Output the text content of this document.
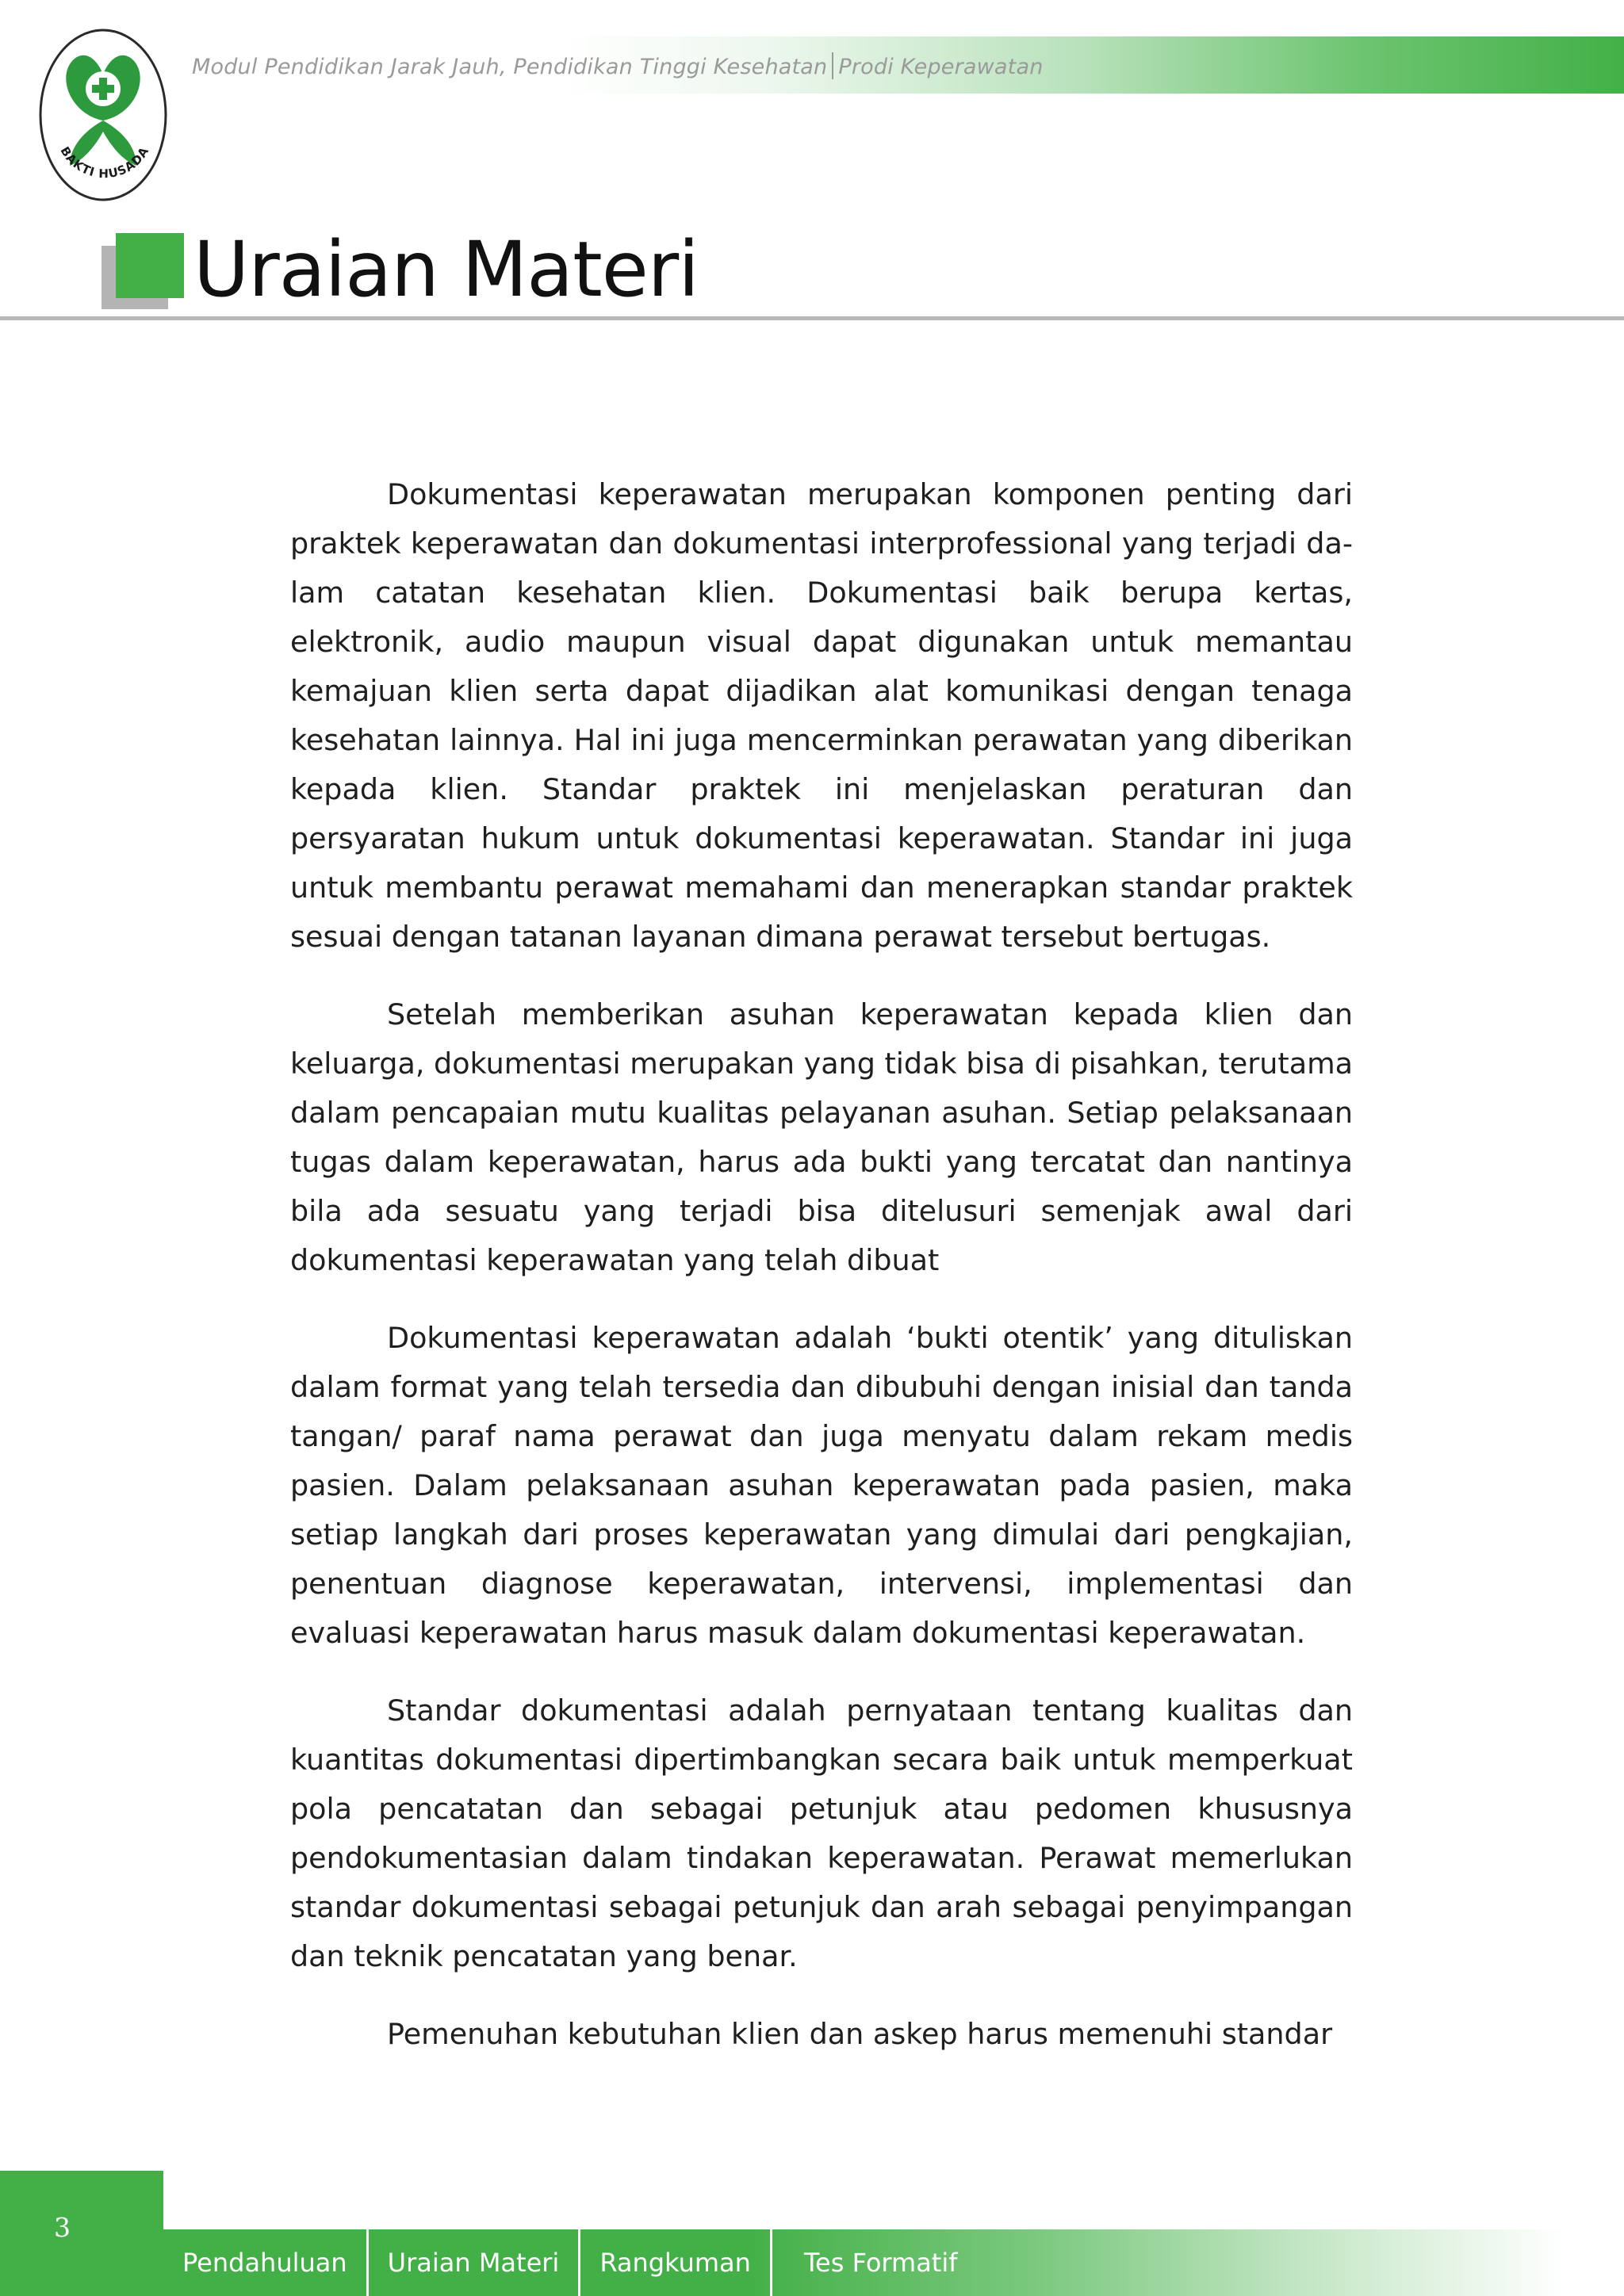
BAKTI HUSADA
Modul Pendidikan Jarak Jauh, Pendidikan Tinggi Kesehatan Prodi Keperawatan
Uraian Materi

Dokumentasi keperawatan merupakan komponen penting dari praktek keperawatan dan dokumentasi interprofessional yang terjadi dalam catatan kesehatan klien. Dokumentasi baik berupa kertas, elektronik, audio maupun visual dapat digunakan untuk memantau kemajuan klien serta dapat dijadikan alat komunikasi dengan tenaga kesehatan lainnya. Hal ini juga mencerminkan perawatan yang diberikan kepada klien. Standar praktek ini menjelaskan peraturan dan persyaratan hukum untuk dokumentasi keperawatan. Standar ini juga untuk membantu perawat memahami dan menerapkan standar praktek sesuai dengan tatanan layanan dimana perawat tersebut bertugas.

Setelah memberikan asuhan keperawatan kepada klien dan keluarga, dokumentasi merupakan yang tidak bisa di pisahkan, terutama dalam pencapaian mutu kualitas pelayanan asuhan. Setiap pelaksanaan tugas dalam keperawatan, harus ada bukti yang tercatat dan nantinya bila ada sesuatu yang terjadi bisa ditelusuri semenjak awal dari dokumentasi keperawatan yang telah dibuat

Dokumentasi keperawatan adalah ‘bukti otentik’ yang dituliskan dalam format yang telah tersedia dan dibubuhi dengan inisial dan tanda tangan/ paraf nama perawat dan juga menyatu dalam rekam medis pasien. Dalam pelaksanaan asuhan keperawatan pada pasien, maka setiap langkah dari proses keperawatan yang dimulai dari pengkajian, penentuan diagnose keperawatan, intervensi, implementasi dan evaluasi keperawatan harus masuk dalam dokumentasi keperawatan.

Standar dokumentasi adalah pernyataan tentang kualitas dan kuantitas dokumentasi dipertimbangkan secara baik untuk memperkuat pola pencatatan dan sebagai petunjuk atau pedomen khususnya pendokumentasian dalam tindakan keperawatan. Perawat memerlukan standar dokumentasi sebagai petunjuk dan arah sebagai penyimpangan dan teknik pencatatan yang benar.

Pemenuhan kebutuhan klien dan askep harus memenuhi standar

3
Pendahuluan	Uraian Materi	Rangkuman	Tes Formatif
